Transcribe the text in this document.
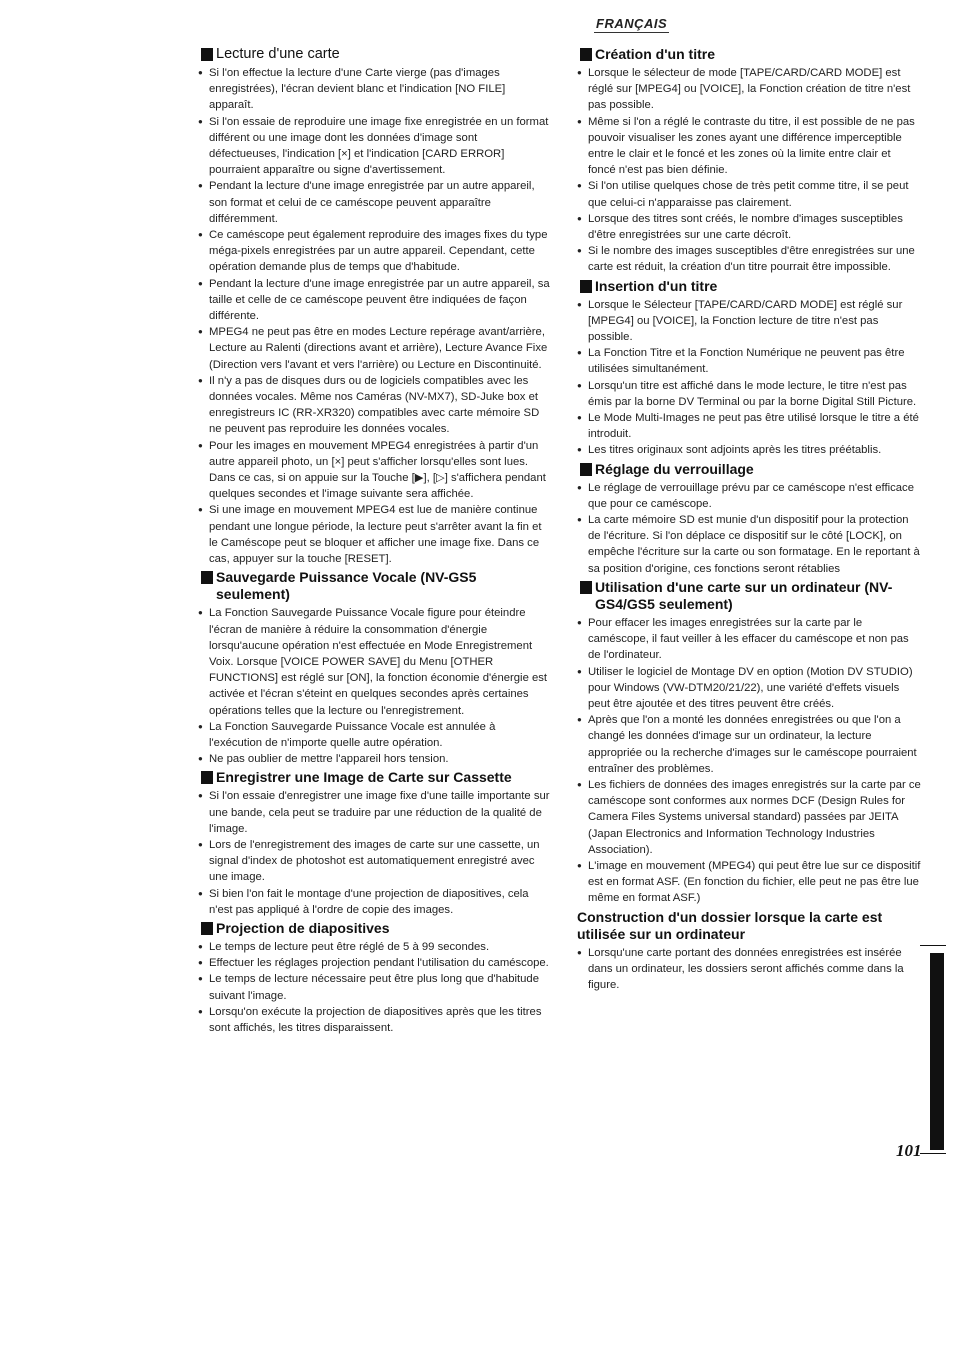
FRANÇAIS
Lecture d'une carte
● Si l'on effectue la lecture d'une Carte vierge (pas d'images enregistrées), l'écran devient blanc et l'indication [NO FILE] apparaît.
● Si l'on essaie de reproduire une image fixe enregistrée en un format différent ou une image dont les données d'image sont défectueuses, l'indication [×] et l'indication [CARD ERROR] pourraient apparaître ou signe d'avertissement.
● Pendant la lecture d'une image enregistrée par un autre appareil, son format et celui de ce caméscope peuvent apparaître différemment.
● Ce caméscope peut également reproduire des images fixes du type méga-pixels enregistrées par un autre appareil. Cependant, cette opération demande plus de temps que d'habitude.
● Pendant la lecture d'une image enregistrée par un autre appareil, sa taille et celle de ce caméscope peuvent être indiquées de façon différente.
● MPEG4 ne peut pas être en modes Lecture repérage avant/arrière, Lecture au Ralenti (directions avant et arrière), Lecture Avance Fixe (Direction vers l'avant et vers l'arrière) ou Lecture en Discontinuité.
● Il n'y a pas de disques durs ou de logiciels compatibles avec les données vocales. Même nos Caméras (NV-MX7), SD-Juke box et enregistreurs IC (RR-XR320) compatibles avec carte mémoire SD ne peuvent pas reproduire les données vocales.
● Pour les images en mouvement MPEG4 enregistrées à partir d'un autre appareil photo, un [×] peut s'afficher lorsqu'elles sont lues. Dans ce cas, si on appuie sur la Touche [▶], [▷] s'affichera pendant quelques secondes et l'image suivante sera affichée.
● Si une image en mouvement MPEG4 est lue de manière continue pendant une longue période, la lecture peut s'arrêter avant la fin et le Caméscope peut se bloquer et afficher une image fixe. Dans ce cas, appuyer sur la touche [RESET].
Sauvegarde Puissance Vocale (NV-GS5 seulement)
● La Fonction Sauvegarde Puissance Vocale figure pour éteindre l'écran de manière à réduire la consommation d'énergie lorsqu'aucune opération n'est effectuée en Mode Enregistrement Voix. Lorsque [VOICE POWER SAVE] du Menu [OTHER FUNCTIONS] est réglé sur [ON], la fonction économie d'énergie est activée et l'écran s'éteint en quelques secondes après certaines opérations telles que la lecture ou l'enregistrement.
● La Fonction Sauvegarde Puissance Vocale est annulée à l'exécution de n'importe quelle autre opération.
● Ne pas oublier de mettre l'appareil hors tension.
Enregistrer une Image de Carte sur Cassette
● Si l'on essaie d'enregistrer une image fixe d'une taille importante sur une bande, cela peut se traduire par une réduction de la qualité de l'image.
● Lors de l'enregistrement des images de carte sur une cassette, un signal d'index de photoshot est automatiquement enregistré avec une image.
● Si bien l'on fait le montage d'une projection de diapositives, cela n'est pas appliqué à l'ordre de copie des images.
Projection de diapositives
● Le temps de lecture peut être réglé de 5 à 99 secondes.
● Effectuer les réglages projection pendant l'utilisation du caméscope.
● Le temps de lecture nécessaire peut être plus long que d'habitude suivant l'image.
● Lorsqu'on exécute la projection de diapositives après que les titres sont affichés, les titres disparaissent.
Création d'un titre
● Lorsque le sélecteur de mode [TAPE/CARD/CARD MODE] est réglé sur [MPEG4] ou [VOICE], la Fonction création de titre n'est pas possible.
● Même si l'on a réglé le contraste du titre, il est possible de ne pas pouvoir visualiser les zones ayant une différence imperceptible entre le clair et le foncé et les zones où la limite entre clair et foncé n'est pas bien définie.
● Si l'on utilise quelques chose de très petit comme titre, il se peut que celui-ci n'apparaisse pas clairement.
● Lorsque des titres sont créés, le nombre d'images susceptibles d'être enregistrées sur une carte décroît.
● Si le nombre des images susceptibles d'être enregistrées sur une carte est réduit, la création d'un titre pourrait être impossible.
Insertion d'un titre
● Lorsque le Sélecteur [TAPE/CARD/CARD MODE] est réglé sur [MPEG4] ou [VOICE], la Fonction lecture de titre n'est pas possible.
● La Fonction Titre et la Fonction Numérique ne peuvent pas être utilisées simultanément.
● Lorsqu'un titre est affiché dans le mode lecture, le titre n'est pas émis par la borne DV Terminal ou par la borne Digital Still Picture.
● Le Mode Multi-Images ne peut pas être utilisé lorsque le titre a été introduit.
● Les titres originaux sont adjoints après les titres préétablis.
Réglage du verrouillage
● Le réglage de verrouillage prévu par ce caméscope n'est efficace que pour ce caméscope.
● La carte mémoire SD est munie d'un dispositif pour la protection de l'écriture. Si l'on déplace ce dispositif sur le côté [LOCK], on empêche l'écriture sur la carte ou son formatage. En le reportant à sa position d'origine, ces fonctions seront rétablies
Utilisation d'une carte sur un ordinateur (NV-GS4/GS5 seulement)
● Pour effacer les images enregistrées sur la carte par le caméscope, il faut veiller à les effacer du caméscope et non pas de l'ordinateur.
● Utiliser le logiciel de Montage DV en option (Motion DV STUDIO) pour Windows (VW-DTM20/21/22), une variété d'effets visuels peut être ajoutée et des titres peuvent être créés.
● Après que l'on a monté les données enregistrées ou que l'on a changé les données d'image sur un ordinateur, la lecture appropriée ou la recherche d'images sur le caméscope pourraient entraîner des problèmes.
● Les fichiers de données des images enregistrés sur la carte par ce caméscope sont conformes aux normes DCF (Design Rules for Camera Files Systems universal standard) passées par JEITA (Japan Electronics and Information Technology Industries Association).
● L'image en mouvement (MPEG4) qui peut être lue sur ce dispositif est en format ASF. (En fonction du fichier, elle peut ne pas être lue même en format ASF.)
Construction d'un dossier lorsque la carte est utilisée sur un ordinateur
● Lorsqu'une carte portant des données enregistrées est insérée dans un ordinateur, les dossiers seront affichés comme dans la figure.
101
